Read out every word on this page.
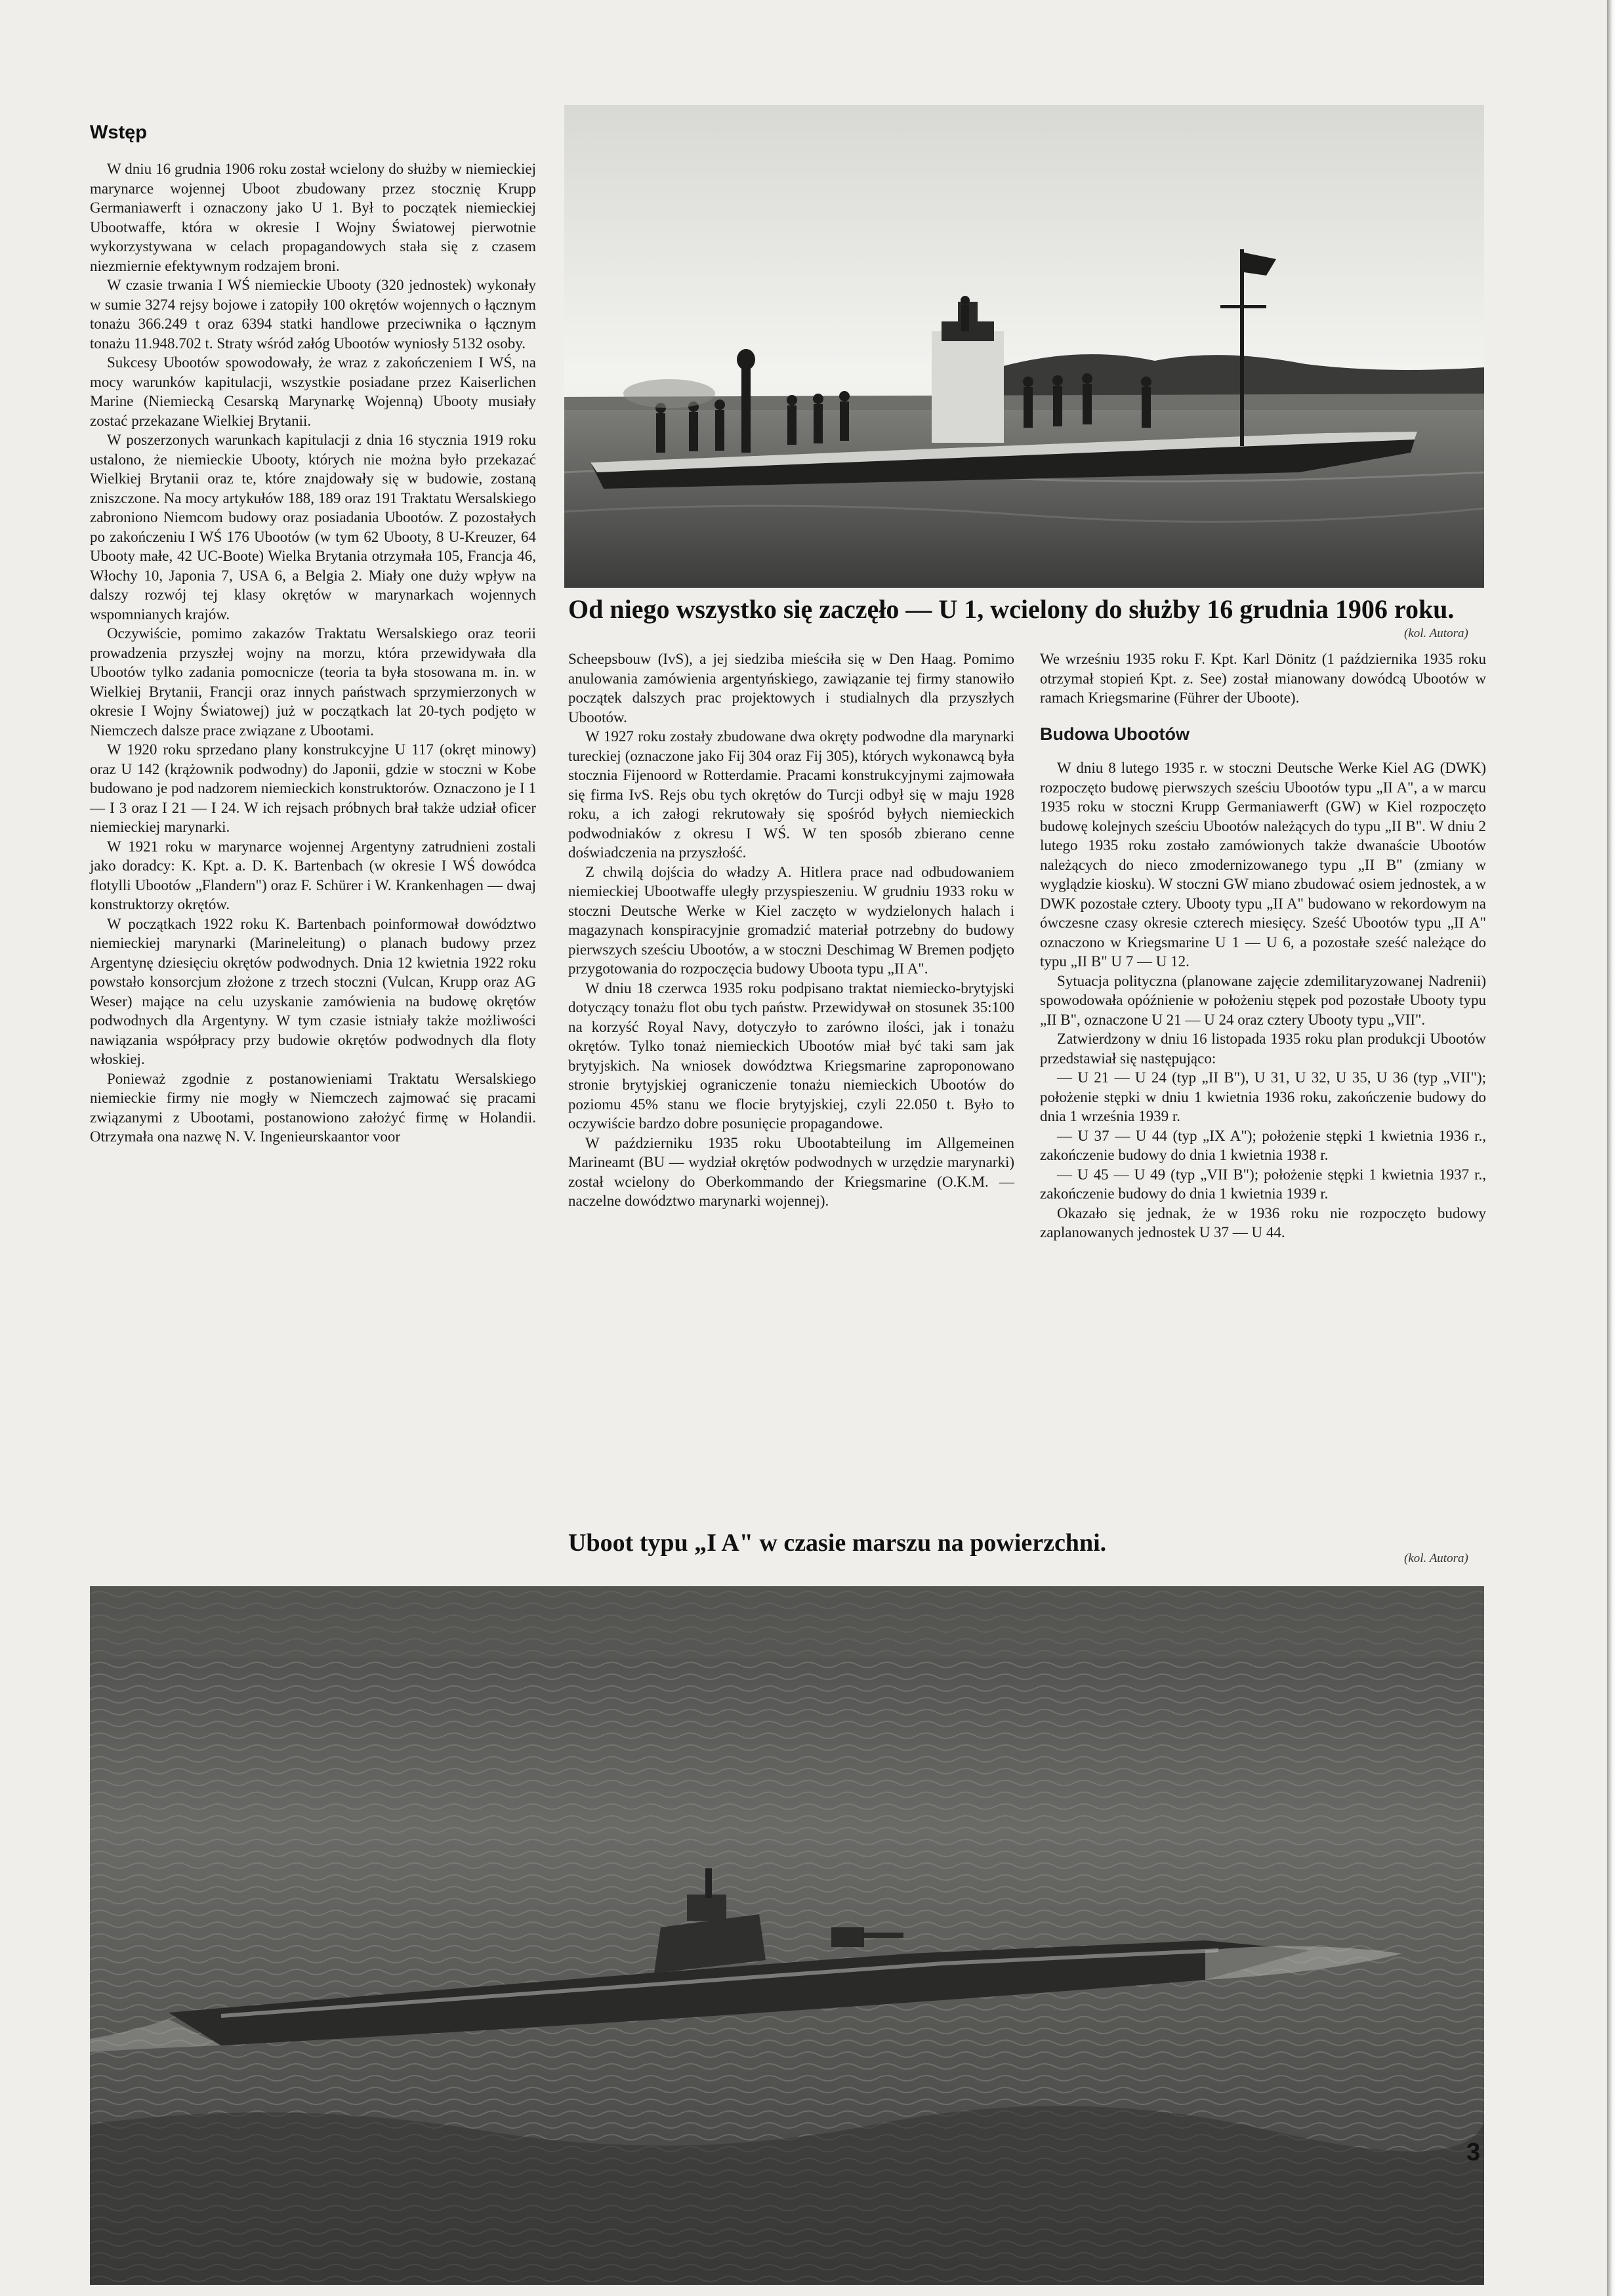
Wstęp

W dniu 16 grudnia 1906 roku został wcielony do służby w niemieckiej marynarce wojennej Uboot zbudowany przez stocznię Krupp Germaniawerft i oznaczony jako U 1. Był to początek niemieckiej Ubootwaffe, która w okresie I Wojny Światowej pierwotnie wykorzystywana w celach propagandowych stała się z czasem niezmiernie efektywnym rodzajem broni.

W czasie trwania I WŚ niemieckie Ubooty (320 jednostek) wykonały w sumie 3274 rejsy bojowe i zatopiły 100 okrętów wojennych o łącznym tonażu 366.249 t oraz 6394 statki handlowe przeciwnika o łącznym tonażu 11.948.702 t. Straty wśród załóg Ubootów wyniosły 5132 osoby.

Sukcesy Ubootów spowodowały, że wraz z zakończeniem I WŚ, na mocy warunków kapitulacji, wszystkie posiadane przez Kaiserlichen Marine (Niemiecką Cesarską Marynarkę Wojenną) Ubooty musiały zostać przekazane Wielkiej Brytanii.

W poszerzonych warunkach kapitulacji z dnia 16 stycznia 1919 roku ustalono, że niemieckie Ubooty, których nie można było przekazać Wielkiej Brytanii oraz te, które znajdowały się w budowie, zostaną zniszczone. Na mocy artykułów 188, 189 oraz 191 Traktatu Wersalskiego zabroniono Niemcom budowy oraz posiadania Ubootów. Z pozostałych po zakończeniu I WŚ 176 Ubootów (w tym 62 Ubooty, 8 U-Kreuzer, 64 Ubooty małe, 42 UC-Boote) Wielka Brytania otrzymała 105, Francja 46, Włochy 10, Japonia 7, USA 6, a Belgia 2. Miały one duży wpływ na dalszy rozwój tej klasy okrętów w marynarkach wojennych wspomnianych krajów.

Oczywiście, pomimo zakazów Traktatu Wersalskiego oraz teorii prowadzenia przyszłej wojny na morzu, która przewidywała dla Ubootów tylko zadania pomocnicze (teoria ta była stosowana m. in. w Wielkiej Brytanii, Francji oraz innych państwach sprzymierzonych w okresie I Wojny Światowej) już w początkach lat 20-tych podjęto w Niemczech dalsze prace związane z Ubootami.

W 1920 roku sprzedano plany konstrukcyjne U 117 (okręt minowy) oraz U 142 (krążownik podwodny) do Japonii, gdzie w stoczni w Kobe budowano je pod nadzorem niemieckich konstruktorów. Oznaczono je I 1 — I 3 oraz I 21 — I 24. W ich rejsach próbnych brał także udział oficer niemieckiej marynarki.

W 1921 roku w marynarce wojennej Argentyny zatrudnieni zostali jako doradcy: K. Kpt. a. D. K. Bartenbach (w okresie I WŚ dowódca flotylli Ubootów „Flandern") oraz F. Schürer i W. Krankenhagen — dwaj konstruktorzy okrętów.

W początkach 1922 roku K. Bartenbach poinformował dowództwo niemieckiej marynarki (Marineleitung) o planach budowy przez Argentynę dziesięciu okrętów podwodnych. Dnia 12 kwietnia 1922 roku powstało konsorcjum złożone z trzech stoczni (Vulcan, Krupp oraz AG Weser) mające na celu uzyskanie zamówienia na budowę okrętów podwodnych dla Argentyny. W tym czasie istniały także możliwości nawiązania współpracy przy budowie okrętów podwodnych dla floty włoskiej.

Ponieważ zgodnie z postanowieniami Traktatu Wersalskiego niemieckie firmy nie mogły w Niemczech zajmować się pracami związanymi z Ubootami, postanowiono założyć firmę w Holandii. Otrzymała ona nazwę N. V. Ingenieurskaantor voor

Od niego wszystko się zaczęło — U 1, wcielony do służby 16 grudnia 1906 roku.
(kol. Autora)

Scheepsbouw (IvS), a jej siedziba mieściła się w Den Haag. Pomimo anulowania zamówienia argentyńskiego, zawiązanie tej firmy stanowiło początek dalszych prac projektowych i studialnych dla przyszłych Ubootów.

W 1927 roku zostały zbudowane dwa okręty podwodne dla marynarki tureckiej (oznaczone jako Fij 304 oraz Fij 305), których wykonawcą była stocznia Fijenoord w Rotterdamie. Pracami konstrukcyjnymi zajmowała się firma IvS. Rejs obu tych okrętów do Turcji odbył się w maju 1928 roku, a ich załogi rekrutowały się spośród byłych niemieckich podwodniaków z okresu I WŚ. W ten sposób zbierano cenne doświadczenia na przyszłość.

Z chwilą dojścia do władzy A. Hitlera prace nad odbudowaniem niemieckiej Ubootwaffe uległy przyspieszeniu. W grudniu 1933 roku w stoczni Deutsche Werke w Kiel zaczęto w wydzielonych halach i magazynach konspiracyjnie gromadzić materiał potrzebny do budowy pierwszych sześciu Ubootów, a w stoczni Deschimag W Bremen podjęto przygotowania do rozpoczęcia budowy Uboota typu „II A".

W dniu 18 czerwca 1935 roku podpisano traktat niemiecko-brytyjski dotyczący tonażu flot obu tych państw. Przewidywał on stosunek 35:100 na korzyść Royal Navy, dotyczyło to zarówno ilości, jak i tonażu okrętów. Tylko tonaż niemieckich Ubootów miał być taki sam jak brytyjskich. Na wniosek dowództwa Kriegsmarine zaproponowano stronie brytyjskiej ograniczenie tonażu niemieckich Ubootów do poziomu 45% stanu we flocie brytyjskiej, czyli 22.050 t. Było to oczywiście bardzo dobre posunięcie propagandowe.

W październiku 1935 roku Ubootabteilung im Allgemeinen Marineamt (BU — wydział okrętów podwodnych w urzędzie marynarki) został wcielony do Oberkommando der Kriegsmarine (O.K.M. — naczelne dowództwo marynarki wojennej).

We wrześniu 1935 roku F. Kpt. Karl Dönitz (1 października 1935 roku otrzymał stopień Kpt. z. See) został mianowany dowódcą Ubootów w ramach Kriegsmarine (Führer der Uboote).

Budowa Ubootów

W dniu 8 lutego 1935 r. w stoczni Deutsche Werke Kiel AG (DWK) rozpoczęto budowę pierwszych sześciu Ubootów typu „II A", a w marcu 1935 roku w stoczni Krupp Germaniawerft (GW) w Kiel rozpoczęto budowę kolejnych sześciu Ubootów należących do typu „II B". W dniu 2 lutego 1935 roku zostało zamówionych także dwanaście Ubootów należących do nieco zmodernizowanego typu „II B" (zmiany w wyglądzie kiosku). W stoczni GW miano zbudować osiem jednostek, a w DWK pozostałe cztery. Ubooty typu „II A" budowano w rekordowym na ówczesne czasy okresie czterech miesięcy. Sześć Ubootów typu „II A" oznaczono w Kriegsmarine U 1 — U 6, a pozostałe sześć należące do typu „II B" U 7 — U 12.

Sytuacja polityczna (planowane zajęcie zdemilitaryzowanej Nadrenii) spowodowała opóźnienie w położeniu stępek pod pozostałe Ubooty typu „II B", oznaczone U 21 — U 24 oraz cztery Ubooty typu „VII".

Zatwierdzony w dniu 16 listopada 1935 roku plan produkcji Ubootów przedstawiał się następująco:

— U 21 — U 24 (typ „II B"), U 31, U 32, U 35, U 36 (typ „VII"); położenie stępki w dniu 1 kwietnia 1936 roku, zakończenie budowy do dnia 1 września 1939 r.

— U 37 — U 44 (typ „IX A"); położenie stępki 1 kwietnia 1936 r., zakończenie budowy do dnia 1 kwietnia 1938 r.

— U 45 — U 49 (typ „VII B"); położenie stępki 1 kwietnia 1937 r., zakończenie budowy do dnia 1 kwietnia 1939 r.

Okazało się jednak, że w 1936 roku nie rozpoczęto budowy zaplanowanych jednostek U 37 — U 44.

Uboot typu „I A" w czasie marszu na powierzchni.
(kol. Autora)
3
